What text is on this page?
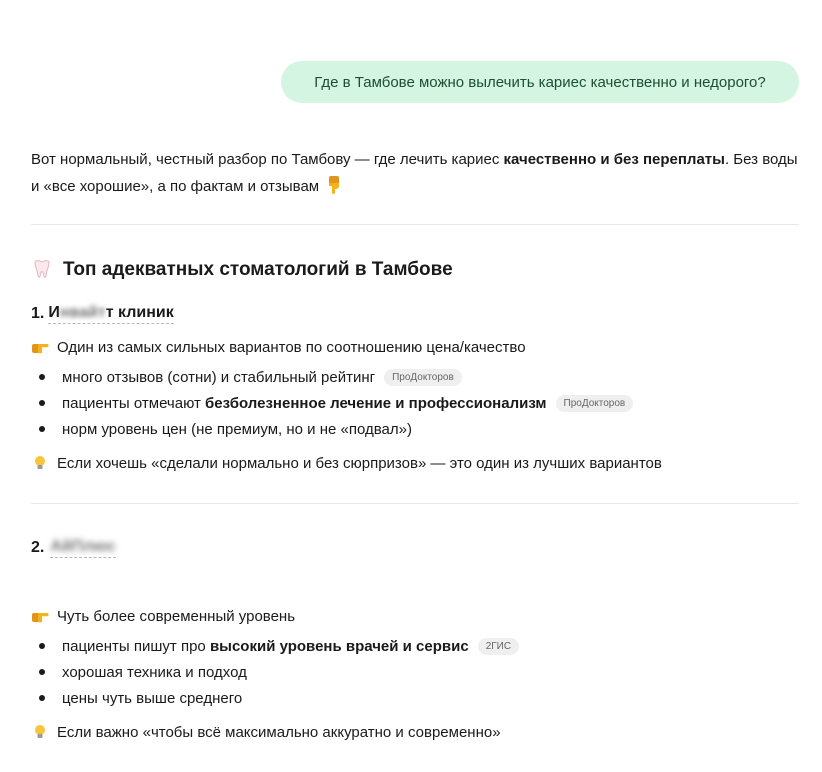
Где в Тамбове можно вылечить кариес качественно и недорого?
Вот нормальный, честный разбор по Тамбову — где лечить кариес качественно и без переплаты. Без воды и «все хорошие», а по фактам и отзывам
Топ адекватных стоматологий в Тамбове
1. И нвайт т клиник
Один из самых сильных вариантов по соотношению цена/качество
много отзывов (сотни) и стабильный рейтинг	ПроДокторов
пациенты отмечают безболезненное лечение и профессионализм	ПроДокторов
норм уровень цен (не премиум, но и не «подвал»)
Если хочешь «сделали нормально и без сюрпризов» — это один из лучших вариантов
2. АйПлюс
Чуть более современный уровень
пациенты пишут про высокий уровень врачей и сервис	2ГИС
хорошая техника и подход
цены чуть выше среднего
Если важно «чтобы всё максимально аккуратно и современно»
